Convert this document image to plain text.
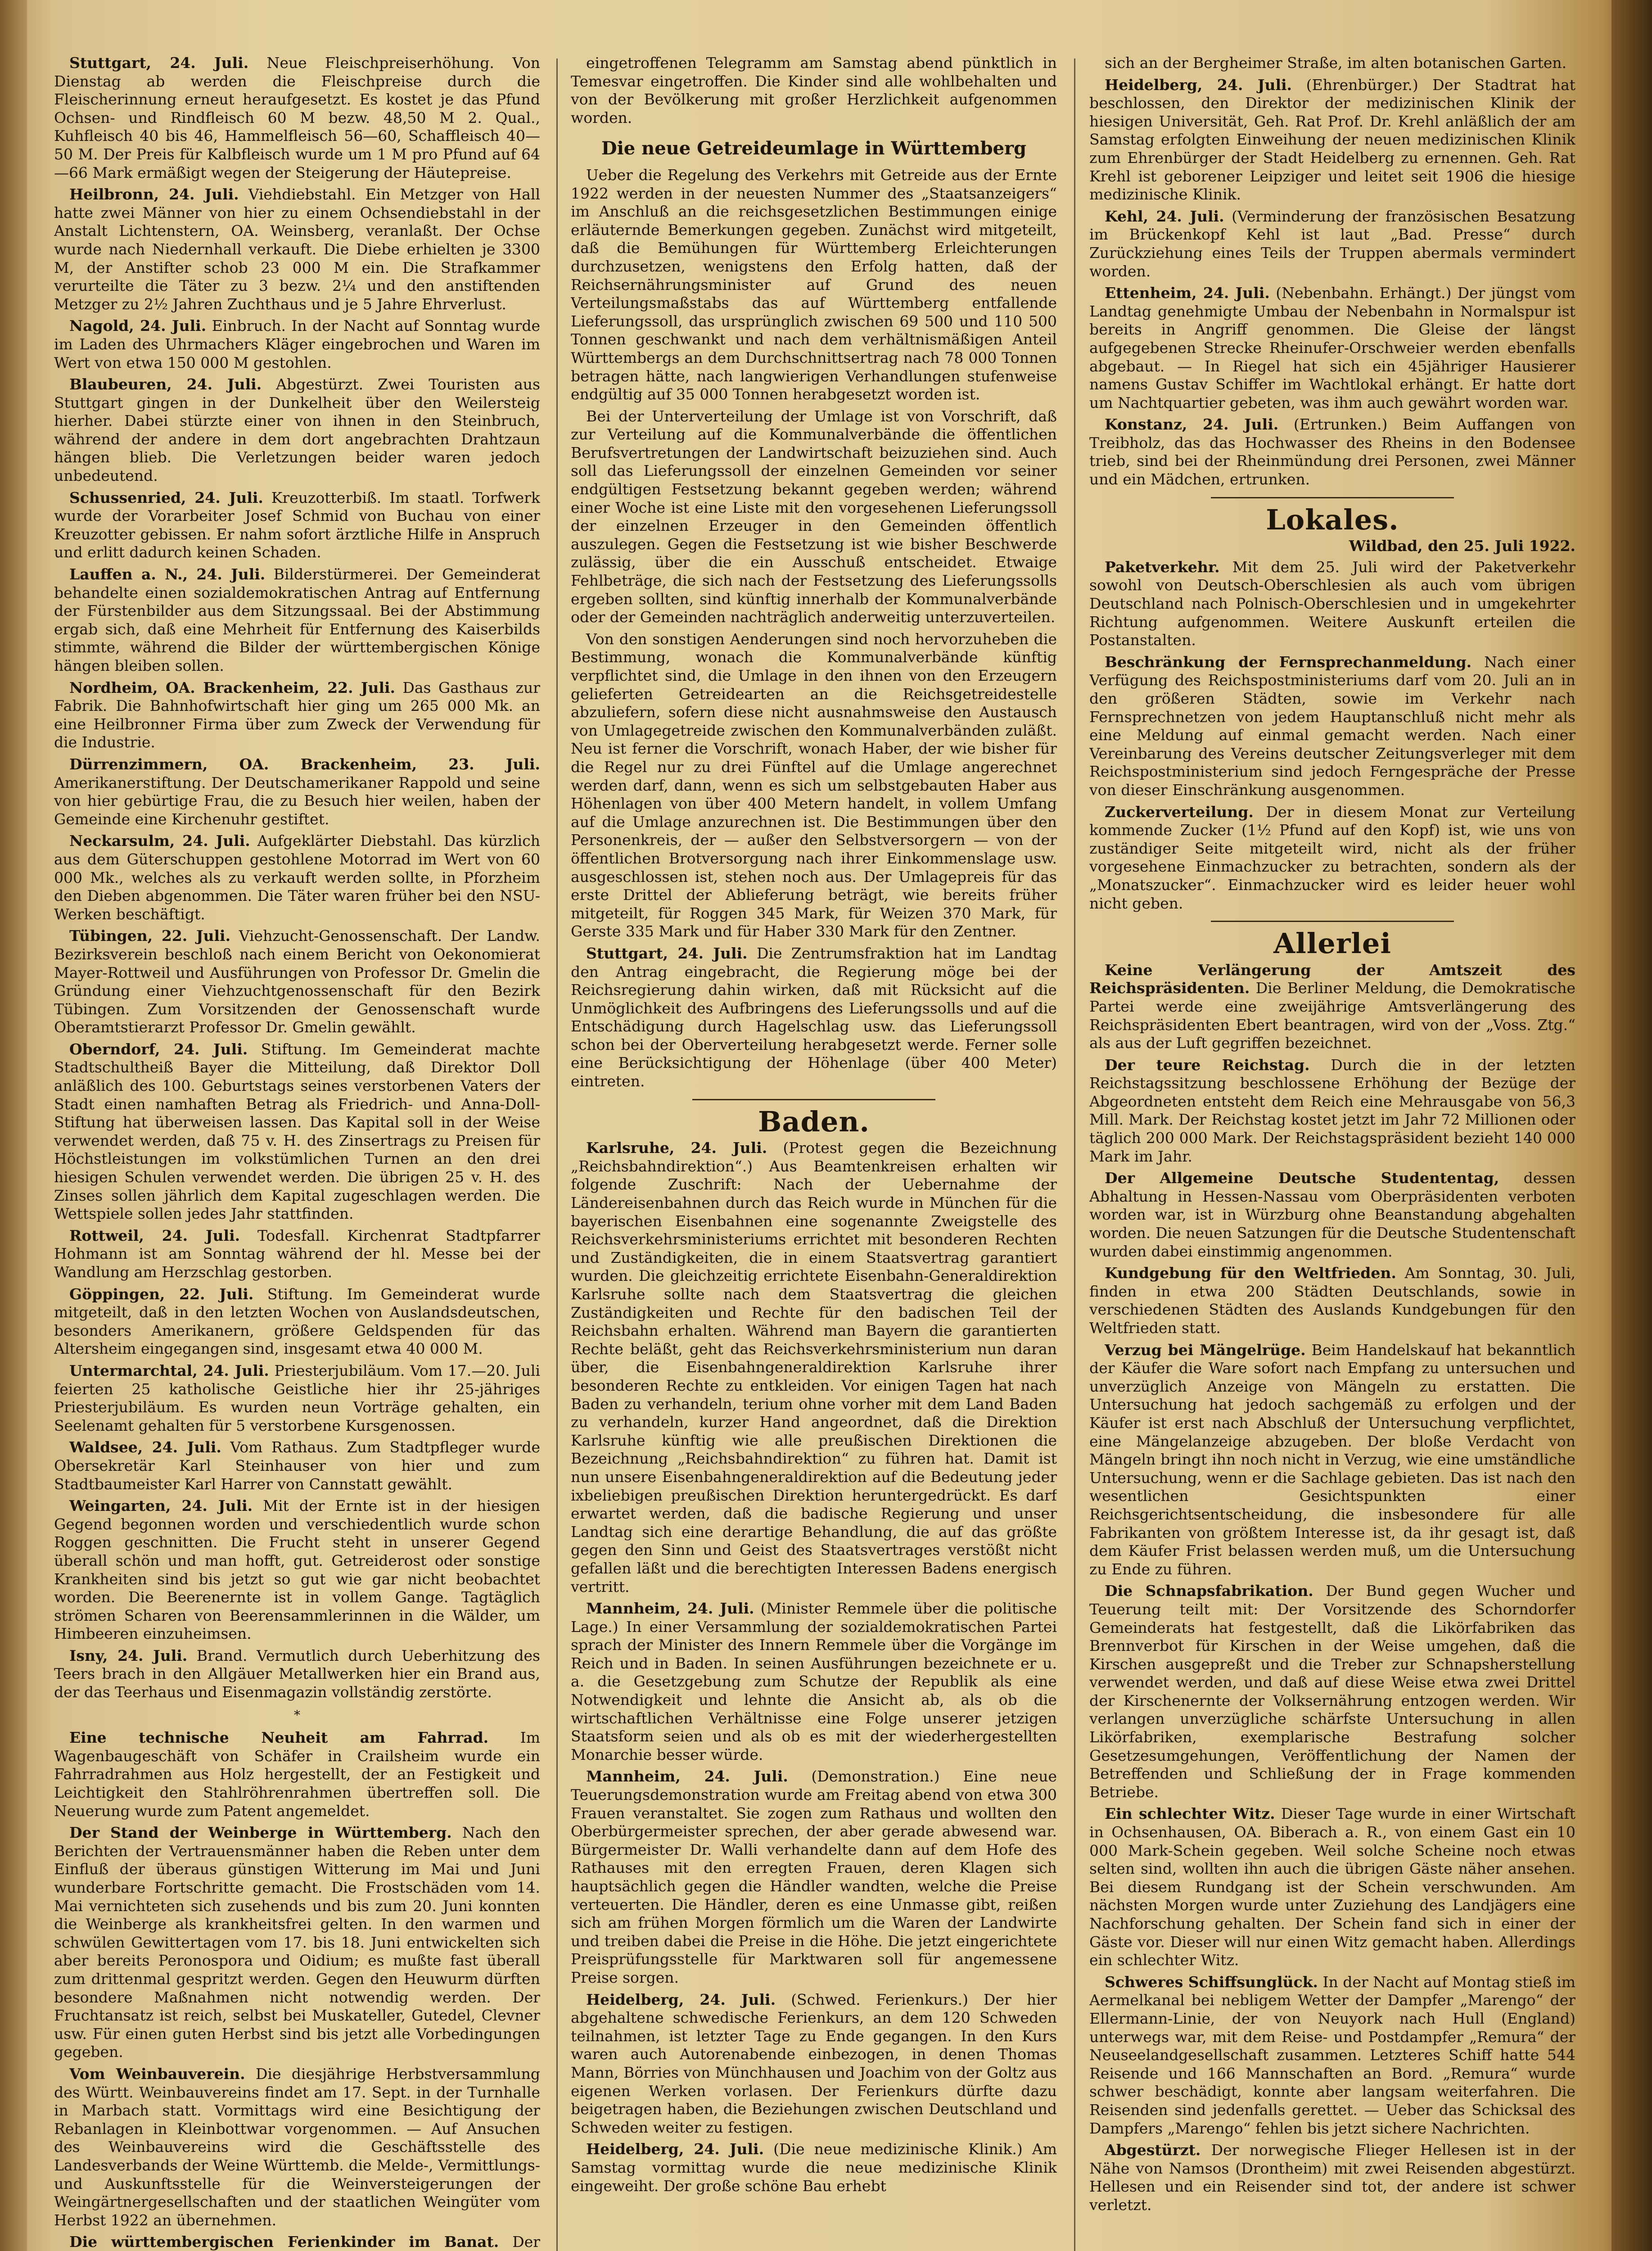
Stuttgart, 24. Juli. Neue Fleischpreiserhöhung. Von Dienstag ab werden die Fleischpreise durch die Fleischerinnung erneut heraufgesetzt. Es kostet je das Pfund Ochsen- und Rindfleisch 60 M bezw. 48,50 M 2. Qual., Kuhfleisch 40 bis 46, Hammelfleisch 56—60, Schaffleisch 40—50 M. Der Preis für Kalbfleisch wurde um 1 M pro Pfund auf 64—66 Mark ermäßigt wegen der Steigerung der Häutepreise.

Heilbronn, 24. Juli. Viehdiebstahl. Ein Metzger von Hall hatte zwei Männer von hier zu einem Ochsendiebstahl in der Anstalt Lichtenstern, OA. Weinsberg, veranlaßt. Der Ochse wurde nach Niedernhall verkauft. Die Diebe erhielten je 3300 M, der Anstifter schob 23 000 M ein. Die Strafkammer verurteilte die Täter zu 3 bezw. 2¼ und den anstiftenden Metzger zu 2½ Jahren Zuchthaus und je 5 Jahre Ehrverlust.

Nagold, 24. Juli. Einbruch. In der Nacht auf Sonntag wurde im Laden des Uhrmachers Kläger eingebrochen und Waren im Wert von etwa 150 000 M gestohlen.

Blaubeuren, 24. Juli. Abgestürzt. Zwei Touristen aus Stuttgart gingen in der Dunkelheit über den Weilersteig hierher. Dabei stürzte einer von ihnen in den Steinbruch, während der andere in dem dort angebrachten Drahtzaun hängen blieb. Die Verletzungen beider waren jedoch unbedeutend.

Schussenried, 24. Juli. Kreuzotterbiß. Im staatl. Torfwerk wurde der Vorarbeiter Josef Schmid von Buchau von einer Kreuzotter gebissen. Er nahm sofort ärztliche Hilfe in Anspruch und erlitt dadurch keinen Schaden.

Lauffen a. N., 24. Juli. Bilderstürmerei. Der Gemeinderat behandelte einen sozialdemokratischen Antrag auf Entfernung der Fürstenbilder aus dem Sitzungssaal. Bei der Abstimmung ergab sich, daß eine Mehrheit für Entfernung des Kaiserbilds stimmte, während die Bilder der württembergischen Könige hängen bleiben sollen.

Nordheim, OA. Brackenheim, 22. Juli. Das Gasthaus zur Fabrik. Die Bahnhofwirtschaft hier ging um 265 000 Mk. an eine Heilbronner Firma über zum Zweck der Verwendung für die Industrie.

Dürrenzimmern, OA. Brackenheim, 23. Juli. Amerikanerstiftung. Der Deutschamerikaner Rappold und seine von hier gebürtige Frau, die zu Besuch hier weilen, haben der Gemeinde eine Kirchenuhr gestiftet.

Neckarsulm, 24. Juli. Aufgeklärter Diebstahl. Das kürzlich aus dem Güterschuppen gestohlene Motorrad im Wert von 60 000 Mk., welches als zu verkauft werden sollte, in Pforzheim den Dieben abgenommen. Die Täter waren früher bei den NSU-Werken beschäftigt.

Tübingen, 22. Juli. Viehzucht-Genossenschaft. Der Landw. Bezirksverein beschloß nach einem Bericht von Oekonomierat Mayer-Rottweil und Ausführungen von Professor Dr. Gmelin die Gründung einer Viehzuchtgenossenschaft für den Bezirk Tübingen. Zum Vorsitzenden der Genossenschaft wurde Oberamtstierarzt Professor Dr. Gmelin gewählt.

Oberndorf, 24. Juli. Stiftung. Im Gemeinderat machte Stadtschultheiß Bayer die Mitteilung, daß Direktor Doll anläßlich des 100. Geburtstags seines verstorbenen Vaters der Stadt einen namhaften Betrag als Friedrich- und Anna-Doll-Stiftung hat überweisen lassen. Das Kapital soll in der Weise verwendet werden, daß 75 v. H. des Zinsertrags zu Preisen für Höchstleistungen im volkstümlichen Turnen an den drei hiesigen Schulen verwendet werden. Die übrigen 25 v. H. des Zinses sollen jährlich dem Kapital zugeschlagen werden. Die Wettspiele sollen jedes Jahr stattfinden.

Rottweil, 24. Juli. Todesfall. Kirchenrat Stadtpfarrer Hohmann ist am Sonntag während der hl. Messe bei der Wandlung am Herzschlag gestorben.

Göppingen, 22. Juli. Stiftung. Im Gemeinderat wurde mitgeteilt, daß in den letzten Wochen von Auslandsdeutschen, besonders Amerikanern, größere Geldspenden für das Altersheim eingegangen sind, insgesamt etwa 40 000 M.

Untermarchtal, 24. Juli. Priesterjubiläum. Vom 17.—20. Juli feierten 25 katholische Geistliche hier ihr 25-jähriges Priesterjubiläum. Es wurden neun Vorträge gehalten, ein Seelenamt gehalten für 5 verstorbene Kursgenossen.

Waldsee, 24. Juli. Vom Rathaus. Zum Stadtpfleger wurde Obersekretär Karl Steinhauser von hier und zum Stadtbaumeister Karl Harrer von Cannstatt gewählt.

Weingarten, 24. Juli. Mit der Ernte ist in der hiesigen Gegend begonnen worden und verschiedentlich wurde schon Roggen geschnitten. Die Frucht steht in unserer Gegend überall schön und man hofft, gut. Getreiderost oder sonstige Krankheiten sind bis jetzt so gut wie gar nicht beobachtet worden. Die Beerenernte ist in vollem Gange. Tagtäglich strömen Scharen von Beerensammlerinnen in die Wälder, um Himbeeren einzuheimsen.

Isny, 24. Juli. Brand. Vermutlich durch Ueberhitzung des Teers brach in den Allgäuer Metallwerken hier ein Brand aus, der das Teerhaus und Eisenmagazin vollständig zerstörte.

*

Eine technische Neuheit am Fahrrad. Im Wagenbaugeschäft von Schäfer in Crailsheim wurde ein Fahrradrahmen aus Holz hergestellt, der an Festigkeit und Leichtigkeit den Stahlröhrenrahmen übertreffen soll. Die Neuerung wurde zum Patent angemeldet.

Der Stand der Weinberge in Württemberg. Nach den Berichten der Vertrauensmänner haben die Reben unter dem Einfluß der überaus günstigen Witterung im Mai und Juni wunderbare Fortschritte gemacht. Die Frostschäden vom 14. Mai vernichteten sich zusehends und bis zum 20. Juni konnten die Weinberge als krankheitsfrei gelten. In den warmen und schwülen Gewittertagen vom 17. bis 18. Juni entwickelten sich aber bereits Peronospora und Oidium; es mußte fast überall zum drittenmal gespritzt werden. Gegen den Heuwurm dürften besondere Maßnahmen nicht notwendig werden. Der Fruchtansatz ist reich, selbst bei Muskateller, Gutedel, Clevner usw. Für einen guten Herbst sind bis jetzt alle Vorbedingungen gegeben.

Vom Weinbauverein. Die diesjährige Herbstversammlung des Württ. Weinbauvereins findet am 17. Sept. in der Turnhalle in Marbach statt. Vormittags wird eine Besichtigung der Rebanlagen in Kleinbottwar vorgenommen. — Auf Ansuchen des Weinbauvereins wird die Geschäftsstelle des Landesverbands der Weine Württemb. die Melde-, Vermittlungs- und Auskunftsstelle für die Weinversteigerungen der Weingärtnergesellschaften und der staatlichen Weingüter vom Herbst 1922 an übernehmen.

Die württembergischen Ferienkinder im Banat. Der

eingetroffenen Telegramm am Samstag abend pünktlich in Temesvar eingetroffen. Die Kinder sind alle wohlbehalten und von der Bevölkerung mit großer Herzlichkeit aufgenommen worden.

Die neue Getreideumlage in Württemberg

Ueber die Regelung des Verkehrs mit Getreide aus der Ernte 1922 werden in der neuesten Nummer des „Staatsanzeigers“ im Anschluß an die reichsgesetzlichen Bestimmungen einige erläuternde Bemerkungen gegeben. Zunächst wird mitgeteilt, daß die Bemühungen für Württemberg Erleichterungen durchzusetzen, wenigstens den Erfolg hatten, daß der Reichsernährungsminister auf Grund des neuen Verteilungsmaßstabs das auf Württemberg entfallende Lieferungssoll, das ursprünglich zwischen 69 500 und 110 500 Tonnen geschwankt und nach dem verhältnismäßigen Anteil Württembergs an dem Durchschnittsertrag nach 78 000 Tonnen betragen hätte, nach langwierigen Verhandlungen stufenweise endgültig auf 35 000 Tonnen herabgesetzt worden ist.

Bei der Unterverteilung der Umlage ist von Vorschrift, daß zur Verteilung auf die Kommunalverbände die öffentlichen Berufsvertretungen der Landwirtschaft beizuziehen sind. Auch soll das Lieferungssoll der einzelnen Gemeinden vor seiner endgültigen Festsetzung bekannt gegeben werden; während einer Woche ist eine Liste mit den vorgesehenen Lieferungssoll der einzelnen Erzeuger in den Gemeinden öffentlich auszulegen. Gegen die Festsetzung ist wie bisher Beschwerde zulässig, über die ein Ausschuß entscheidet. Etwaige Fehlbeträge, die sich nach der Festsetzung des Lieferungssolls ergeben sollten, sind künftig innerhalb der Kommunalverbände oder der Gemeinden nachträglich anderweitig unterzuverteilen.

Von den sonstigen Aenderungen sind noch hervorzuheben die Bestimmung, wonach die Kommunalverbände künftig verpflichtet sind, die Umlage in den ihnen von den Erzeugern gelieferten Getreidearten an die Reichsgetreidestelle abzuliefern, sofern diese nicht ausnahmsweise den Austausch von Umlagegetreide zwischen den Kommunalverbänden zuläßt. Neu ist ferner die Vorschrift, wonach Haber, der wie bisher für die Regel nur zu drei Fünftel auf die Umlage angerechnet werden darf, dann, wenn es sich um selbstgebauten Haber aus Höhenlagen von über 400 Metern handelt, in vollem Umfang auf die Umlage anzurechnen ist. Die Bestimmungen über den Personenkreis, der — außer den Selbstversorgern — von der öffentlichen Brotversorgung nach ihrer Einkommenslage usw. ausgeschlossen ist, stehen noch aus. Der Umlagepreis für das erste Drittel der Ablieferung beträgt, wie bereits früher mitgeteilt, für Roggen 345 Mark, für Weizen 370 Mark, für Gerste 335 Mark und für Haber 330 Mark für den Zentner.

Stuttgart, 24. Juli. Die Zentrumsfraktion hat im Landtag den Antrag eingebracht, die Regierung möge bei der Reichsregierung dahin wirken, daß mit Rücksicht auf die Unmöglichkeit des Aufbringens des Lieferungssolls und auf die Entschädigung durch Hagelschlag usw. das Lieferungssoll schon bei der Oberverteilung herabgesetzt werde. Ferner solle eine Berücksichtigung der Höhenlage (über 400 Meter) eintreten.

Baden.

Karlsruhe, 24. Juli. (Protest gegen die Bezeichnung „Reichsbahndirektion“.) Aus Beamtenkreisen erhalten wir folgende Zuschrift: Nach der Uebernahme der Ländereisenbahnen durch das Reich wurde in München für die bayerischen Eisenbahnen eine sogenannte Zweigstelle des Reichsverkehrsministeriums errichtet mit besonderen Rechten und Zuständigkeiten, die in einem Staatsvertrag garantiert wurden. Die gleichzeitig errichtete Eisenbahn-Generaldirektion Karlsruhe sollte nach dem Staatsvertrag die gleichen Zuständigkeiten und Rechte für den badischen Teil der Reichsbahn erhalten. Während man Bayern die garantierten Rechte beläßt, geht das Reichsverkehrsministerium nun daran über, die Eisenbahngeneraldirektion Karlsruhe ihrer besonderen Rechte zu entkleiden. Vor einigen Tagen hat nach Baden zu verhandeln, terium ohne vorher mit dem Land Baden zu verhandeln, kurzer Hand angeordnet, daß die Direktion Karlsruhe künftig wie alle preußischen Direktionen die Bezeichnung „Reichsbahndirektion“ zu führen hat. Damit ist nun unsere Eisenbahngeneraldirektion auf die Bedeutung jeder ixbeliebigen preußischen Direktion heruntergedrückt. Es darf erwartet werden, daß die badische Regierung und unser Landtag sich eine derartige Behandlung, die auf das größte gegen den Sinn und Geist des Staatsvertrages verstößt nicht gefallen läßt und die berechtigten Interessen Badens energisch vertritt.

Mannheim, 24. Juli. (Minister Remmele über die politische Lage.) In einer Versammlung der sozialdemokratischen Partei sprach der Minister des Innern Remmele über die Vorgänge im Reich und in Baden. In seinen Ausführungen bezeichnete er u. a. die Gesetzgebung zum Schutze der Republik als eine Notwendigkeit und lehnte die Ansicht ab, als ob die wirtschaftlichen Verhältnisse eine Folge unserer jetzigen Staatsform seien und als ob es mit der wiederhergestellten Monarchie besser würde.

Mannheim, 24. Juli. (Demonstration.) Eine neue Teuerungsdemonstration wurde am Freitag abend von etwa 300 Frauen veranstaltet. Sie zogen zum Rathaus und wollten den Oberbürgermeister sprechen, der aber gerade abwesend war. Bürgermeister Dr. Walli verhandelte dann auf dem Hofe des Rathauses mit den erregten Frauen, deren Klagen sich hauptsächlich gegen die Händler wandten, welche die Preise verteuerten. Die Händler, deren es eine Unmasse gibt, reißen sich am frühen Morgen förmlich um die Waren der Landwirte und treiben dabei die Preise in die Höhe. Die jetzt eingerichtete Preisprüfungsstelle für Marktwaren soll für angemessene Preise sorgen.

Heidelberg, 24. Juli. (Schwed. Ferienkurs.) Der hier abgehaltene schwedische Ferienkurs, an dem 120 Schweden teilnahmen, ist letzter Tage zu Ende gegangen. In den Kurs waren auch Autorenabende einbezogen, in denen Thomas Mann, Börries von Münchhausen und Joachim von der Goltz aus eigenen Werken vorlasen. Der Ferienkurs dürfte dazu beigetragen haben, die Beziehungen zwischen Deutschland und Schweden weiter zu festigen.

Heidelberg, 24. Juli. (Die neue medizinische Klinik.) Am Samstag vormittag wurde die neue medizinische Klinik eingeweiht. Der große schöne Bau erhebt

sich an der Bergheimer Straße, im alten botanischen Garten.

Heidelberg, 24. Juli. (Ehrenbürger.) Der Stadtrat hat beschlossen, den Direktor der medizinischen Klinik der hiesigen Universität, Geh. Rat Prof. Dr. Krehl anläßlich der am Samstag erfolgten Einweihung der neuen medizinischen Klinik zum Ehrenbürger der Stadt Heidelberg zu ernennen. Geh. Rat Krehl ist geborener Leipziger und leitet seit 1906 die hiesige medizinische Klinik.

Kehl, 24. Juli. (Verminderung der französischen Besatzung im Brückenkopf Kehl ist laut „Bad. Presse“ durch Zurückziehung eines Teils der Truppen abermals vermindert worden.

Ettenheim, 24. Juli. (Nebenbahn. Erhängt.) Der jüngst vom Landtag genehmigte Umbau der Nebenbahn in Normalspur ist bereits in Angriff genommen. Die Gleise der längst aufgegebenen Strecke Rheinufer-Orschweier werden ebenfalls abgebaut. — In Riegel hat sich ein 45jähriger Hausierer namens Gustav Schiffer im Wachtlokal erhängt. Er hatte dort um Nachtquartier gebeten, was ihm auch gewährt worden war.

Konstanz, 24. Juli. (Ertrunken.) Beim Auffangen von Treibholz, das das Hochwasser des Rheins in den Bodensee trieb, sind bei der Rheinmündung drei Personen, zwei Männer und ein Mädchen, ertrunken.

Lokales.

Wildbad, den 25. Juli 1922.

Paketverkehr. Mit dem 25. Juli wird der Paketverkehr sowohl von Deutsch-Oberschlesien als auch vom übrigen Deutschland nach Polnisch-Oberschlesien und in umgekehrter Richtung aufgenommen. Weitere Auskunft erteilen die Postanstalten.

Beschränkung der Fernsprechanmeldung. Nach einer Verfügung des Reichspostministeriums darf vom 20. Juli an in den größeren Städten, sowie im Verkehr nach Fernsprechnetzen von jedem Hauptanschluß nicht mehr als eine Meldung auf einmal gemacht werden. Nach einer Vereinbarung des Vereins deutscher Zeitungsverleger mit dem Reichspostministerium sind jedoch Ferngespräche der Presse von dieser Einschränkung ausgenommen.

Zuckerverteilung. Der in diesem Monat zur Verteilung kommende Zucker (1½ Pfund auf den Kopf) ist, wie uns von zuständiger Seite mitgeteilt wird, nicht als der früher vorgesehene Einmachzucker zu betrachten, sondern als der „Monatszucker“. Einmachzucker wird es leider heuer wohl nicht geben.

Allerlei

Keine Verlängerung der Amtszeit des Reichspräsidenten. Die Berliner Meldung, die Demokratische Partei werde eine zweijährige Amtsverlängerung des Reichspräsidenten Ebert beantragen, wird von der „Voss. Ztg.“ als aus der Luft gegriffen bezeichnet.

Der teure Reichstag. Durch die in der letzten Reichstagssitzung beschlossene Erhöhung der Bezüge der Abgeordneten entsteht dem Reich eine Mehrausgabe von 56,3 Mill. Mark. Der Reichstag kostet jetzt im Jahr 72 Millionen oder täglich 200 000 Mark. Der Reichstagspräsident bezieht 140 000 Mark im Jahr.

Der Allgemeine Deutsche Studententag, dessen Abhaltung in Hessen-Nassau vom Oberpräsidenten verboten worden war, ist in Würzburg ohne Beanstandung abgehalten worden. Die neuen Satzungen für die Deutsche Studentenschaft wurden dabei einstimmig angenommen.

Kundgebung für den Weltfrieden. Am Sonntag, 30. Juli, finden in etwa 200 Städten Deutschlands, sowie in verschiedenen Städten des Auslands Kundgebungen für den Weltfrieden statt.

Verzug bei Mängelrüge. Beim Handelskauf hat bekanntlich der Käufer die Ware sofort nach Empfang zu untersuchen und unverzüglich Anzeige von Mängeln zu erstatten. Die Untersuchung hat jedoch sachgemäß zu erfolgen und der Käufer ist erst nach Abschluß der Untersuchung verpflichtet, eine Mängelanzeige abzugeben. Der bloße Verdacht von Mängeln bringt ihn noch nicht in Verzug, wie eine umständliche Untersuchung, wenn er die Sachlage gebieten. Das ist nach den wesentlichen Gesichtspunkten einer Reichsgerichtsentscheidung, die insbesondere für alle Fabrikanten von größtem Interesse ist, da ihr gesagt ist, daß dem Käufer Frist belassen werden muß, um die Untersuchung zu Ende zu führen.

Die Schnapsfabrikation. Der Bund gegen Wucher und Teuerung teilt mit: Der Vorsitzende des Schorndorfer Gemeinderats hat festgestellt, daß die Likörfabriken das Brennverbot für Kirschen in der Weise umgehen, daß die Kirschen ausgepreßt und die Treber zur Schnapsherstellung verwendet werden, und daß auf diese Weise etwa zwei Drittel der Kirschenernte der Volksernährung entzogen werden. Wir verlangen unverzügliche schärfste Untersuchung in allen Likörfabriken, exemplarische Bestrafung solcher Gesetzesumgehungen, Veröffentlichung der Namen der Betreffenden und Schließung der in Frage kommenden Betriebe.

Ein schlechter Witz. Dieser Tage wurde in einer Wirtschaft in Ochsenhausen, OA. Biberach a. R., von einem Gast ein 10 000 Mark-Schein gegeben. Weil solche Scheine noch etwas selten sind, wollten ihn auch die übrigen Gäste näher ansehen. Bei diesem Rundgang ist der Schein verschwunden. Am nächsten Morgen wurde unter Zuziehung des Landjägers eine Nachforschung gehalten. Der Schein fand sich in einer der Gäste vor. Dieser will nur einen Witz gemacht haben. Allerdings ein schlechter Witz.

Schweres Schiffsunglück. In der Nacht auf Montag stieß im Aermelkanal bei nebligem Wetter der Dampfer „Marengo“ der Ellermann-Linie, der von Neuyork nach Hull (England) unterwegs war, mit dem Reise- und Postdampfer „Remura“ der Neuseelandgesellschaft zusammen. Letzteres Schiff hatte 544 Reisende und 166 Mannschaften an Bord. „Remura“ wurde schwer beschädigt, konnte aber langsam weiterfahren. Die Reisenden sind jedenfalls gerettet. — Ueber das Schicksal des Dampfers „Marengo“ fehlen bis jetzt sichere Nachrichten.

Abgestürzt. Der norwegische Flieger Hellesen ist in der Nähe von Namsos (Drontheim) mit zwei Reisenden abgestürzt. Hellesen und ein Reisender sind tot, der andere ist schwer verletzt.
